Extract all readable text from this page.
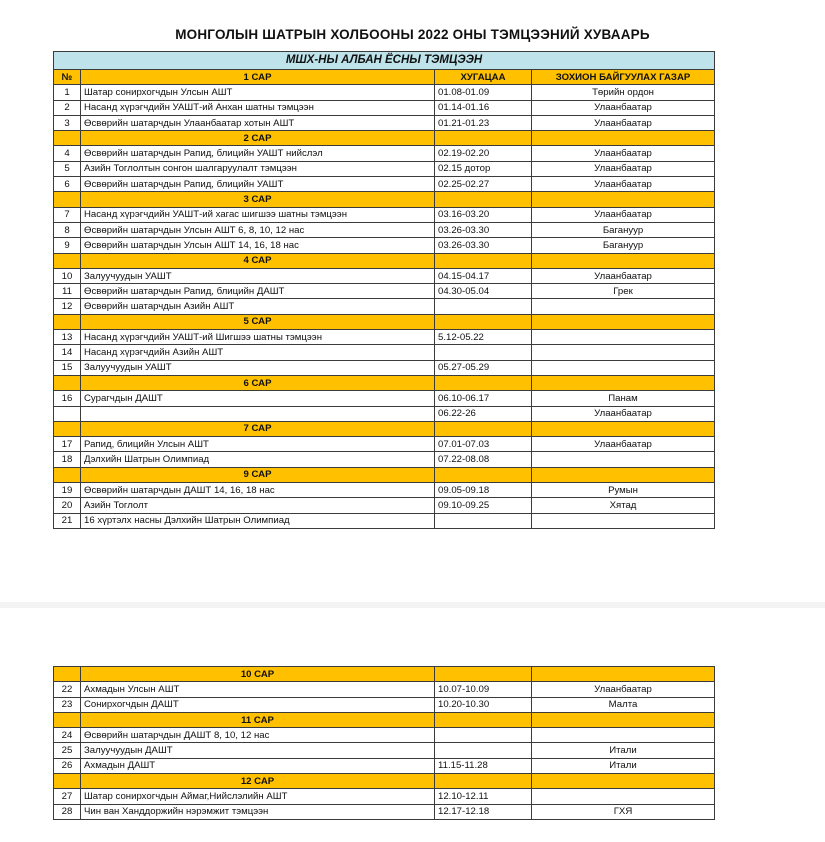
МОНГОЛЫН ШАТРЫН ХОЛБООНЫ 2022 ОНЫ ТЭМЦЭЭНИЙ ХУВААРЬ
МШХ-НЫ АЛБАН ЁСНЫ ТЭМЦЭЭН			
№	1 САР	ХУГАЦАА	ЗОХИОН БАЙГУУЛАХ ГАЗАР
1	Шатар сонирхогчдын Улсын АШТ	01.08-01.09	Төрийн ордон
2	Насанд хүрэгчдийн УАШТ-ий Анхан шатны тэмцээн	01.14-01.16	Улаанбаатар
3	Өсвөрийн шатарчдын Улаанбаатар хотын АШТ	01.21-01.23	Улаанбаатар
	2 САР		
4	Өсвөрийн шатарчдын Рапид, блицийн УАШТ нийслэл	02.19-02.20	Улаанбаатар
5	Азийн Тоглолтын сонгон шалгаруулалт тэмцээн	02.15 дотор	Улаанбаатар
6	Өсвөрийн шатарчдын Рапид, блицийн УАШТ	02.25-02.27	Улаанбаатар
	3 САР		
7	Насанд хүрэгчдийн УАШТ-ий хагас шигшээ шатны тэмцээн	03.16-03.20	Улаанбаатар
8	Өсвөрийн шатарчдын Улсын АШТ 6, 8, 10, 12 нас	03.26-03.30	Багануур
9	Өсвөрийн шатарчдын Улсын АШТ 14, 16, 18 нас	03.26-03.30	Багануур
	4 САР		
10	Залуучуудын УАШТ	04.15-04.17	Улаанбаатар
11	Өсвөрийн шатарчдын Рапид, блицийн ДАШТ	04.30-05.04	Грек
12	Өсвөрийн шатарчдын Азийн АШТ		
	5 САР		
13	Насанд хүрэгчдийн УАШТ-ий Шигшээ шатны тэмцээн	5.12-05.22	
14	Насанд хүрэгчдийн Азийн АШТ		
15	Залуучуудын УАШТ	05.27-05.29	
	6 САР		
16	Сурагчдын ДАШТ	06.10-06.17	Панам
		06.22-26	Улаанбаатар
	7 САР		
17	Рапид, блицийн Улсын АШТ	07.01-07.03	Улаанбаатар
18	Дэлхийн Шатрын Олимпиад	07.22-08.08	
	9 САР		
19	Өсвөрийн шатарчдын ДАШТ 14, 16, 18 нас	09.05-09.18	Румын
20	Азийн Тоглолт	09.10-09.25	Хятад
21	16 хүртэлх насны Дэлхийн Шатрын Олимпиад		
	10 САР		
22	Ахмадын Улсын АШТ	10.07-10.09	Улаанбаатар
23	Сонирхогчдын ДАШТ	10.20-10.30	Малта
	11 САР		
24	Өсвөрийн шатарчдын ДАШТ 8, 10, 12 нас		
25	Залуучуудын ДАШТ		Итали
26	Ахмадын ДАШТ	11.15-11.28	Итали
	12 САР		
27	Шатар сонирхогчдын Аймаг,Нийслэлийн АШТ	12.10-12.11	
28	Чин ван Ханддоржийн нэрэмжит тэмцээн	12.17-12.18	ГХЯ
